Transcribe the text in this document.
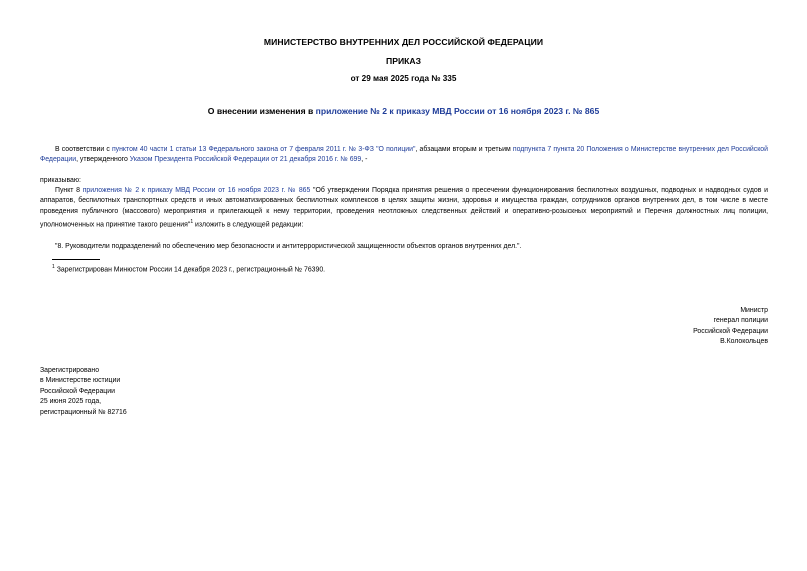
МИНИСТЕРСТВО ВНУТРЕННИХ ДЕЛ РОССИЙСКОЙ ФЕДЕРАЦИИ
ПРИКАЗ
от 29 мая 2025 года № 335
О внесении изменения в приложение № 2 к приказу МВД России от 16 ноября 2023 г. № 865
В соответствии с пунктом 40 части 1 статьи 13 Федерального закона от 7 февраля 2011 г. № 3-ФЗ "О полиции", абзацами вторым и третьим подпункта 7 пункта 20 Положения о Министерстве внутренних дел Российской Федерации, утвержденного Указом Президента Российской Федерации от 21 декабря 2016 г. № 699, -
приказываю:
Пункт 8 приложения № 2 к приказу МВД России от 16 ноября 2023 г. № 865 "Об утверждении Порядка принятия решения о пресечении функционирования беспилотных воздушных, подводных и надводных судов и аппаратов, беспилотных транспортных средств и иных автоматизированных беспилотных комплексов в целях защиты жизни, здоровья и имущества граждан, сотрудников органов внутренних дел, в том числе в месте проведения публичного (массового) мероприятия и прилегающей к нему территории, проведения неотложных следственных действий и оперативно-розыскных мероприятий и Перечня должностных лиц полиции, уполномоченных на принятие такого решения"$^1$ изложить в следующей редакции:
"8. Руководители подразделений по обеспечению мер безопасности и антитеррористической защищенности объектов органов внутренних дел.".
$^1$ Зарегистрирован Минюстом России 14 декабря 2023 г., регистрационный № 76390.
Министр
генерал полиции
Российской Федерации
В.Колокольцев
Зарегистрировано
в Министерстве юстиции
Российской Федерации
25 июня 2025 года,
регистрационный № 82716
